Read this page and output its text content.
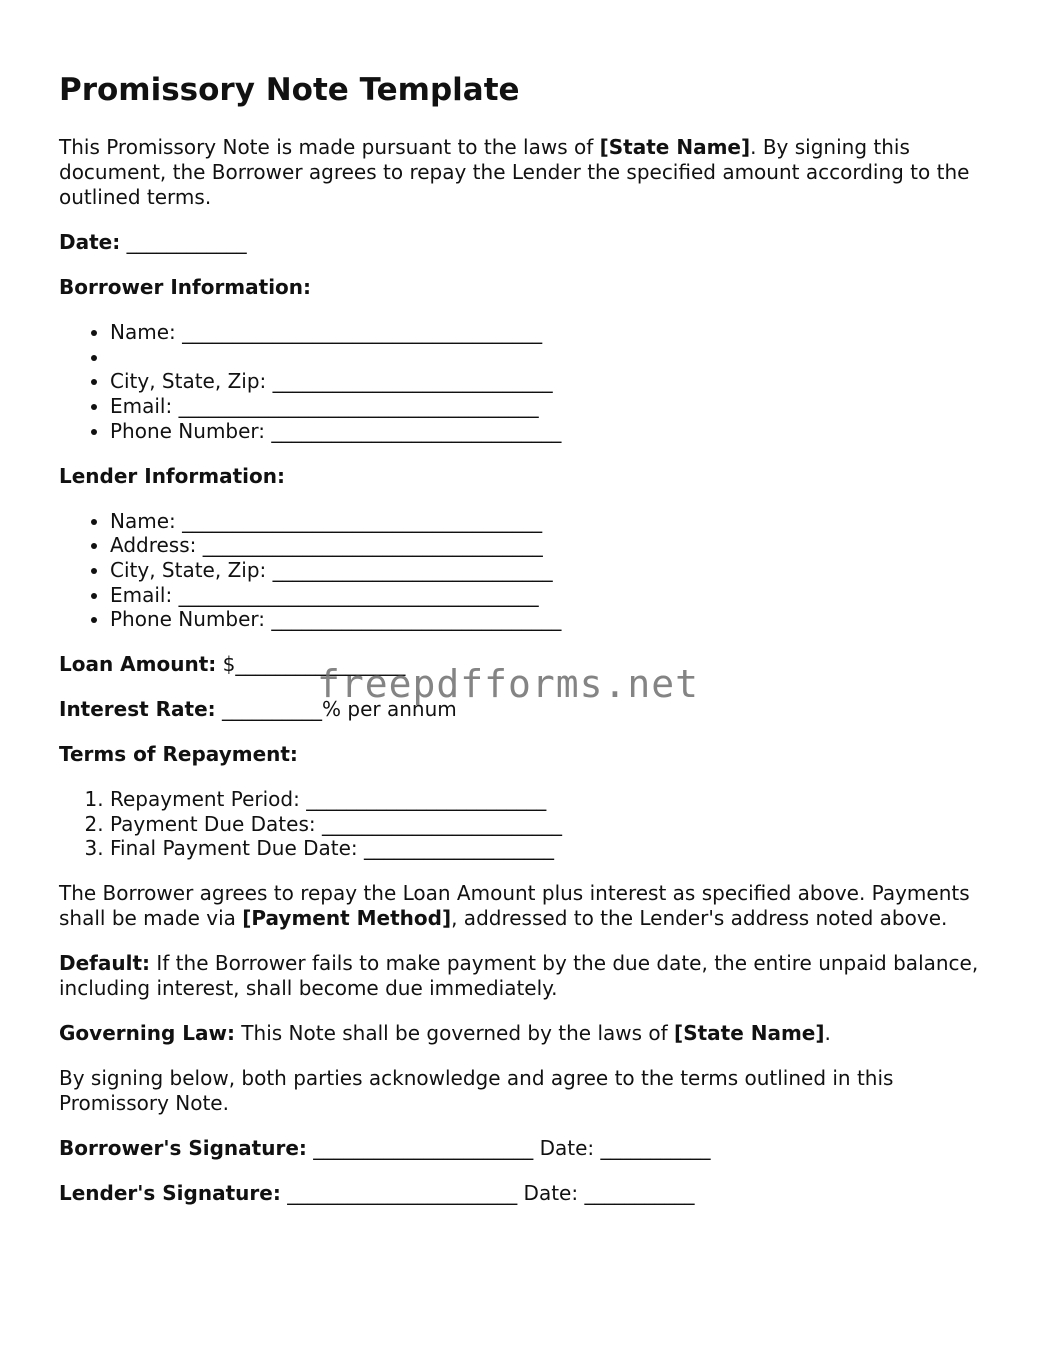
Promissory Note Template

This Promissory Note is made pursuant to the laws of [State Name]. By signing this document, the Borrower agrees to repay the Lender the specified amount according to the outlined terms.

Date: ____________

Borrower Information:

• Name: ____________________________________
•
• City, State, Zip: ____________________________
• Email: ____________________________________
• Phone Number: _____________________________

Lender Information:

• Name: ____________________________________
• Address: __________________________________
• City, State, Zip: ____________________________
• Email: ____________________________________
• Phone Number: _____________________________

Loan Amount: $_________________

Interest Rate: __________% per annum

Terms of Repayment:

1. Repayment Period: ________________________
2. Payment Due Dates: ________________________
3. Final Payment Due Date: ___________________

The Borrower agrees to repay the Loan Amount plus interest as specified above. Payments shall be made via [Payment Method], addressed to the Lender's address noted above.

Default: If the Borrower fails to make payment by the due date, the entire unpaid balance, including interest, shall become due immediately.

Governing Law: This Note shall be governed by the laws of [State Name].

By signing below, both parties acknowledge and agree to the terms outlined in this Promissory Note.

Borrower's Signature: ______________________ Date: ___________

Lender's Signature: _______________________ Date: ___________

freepdfforms.net
